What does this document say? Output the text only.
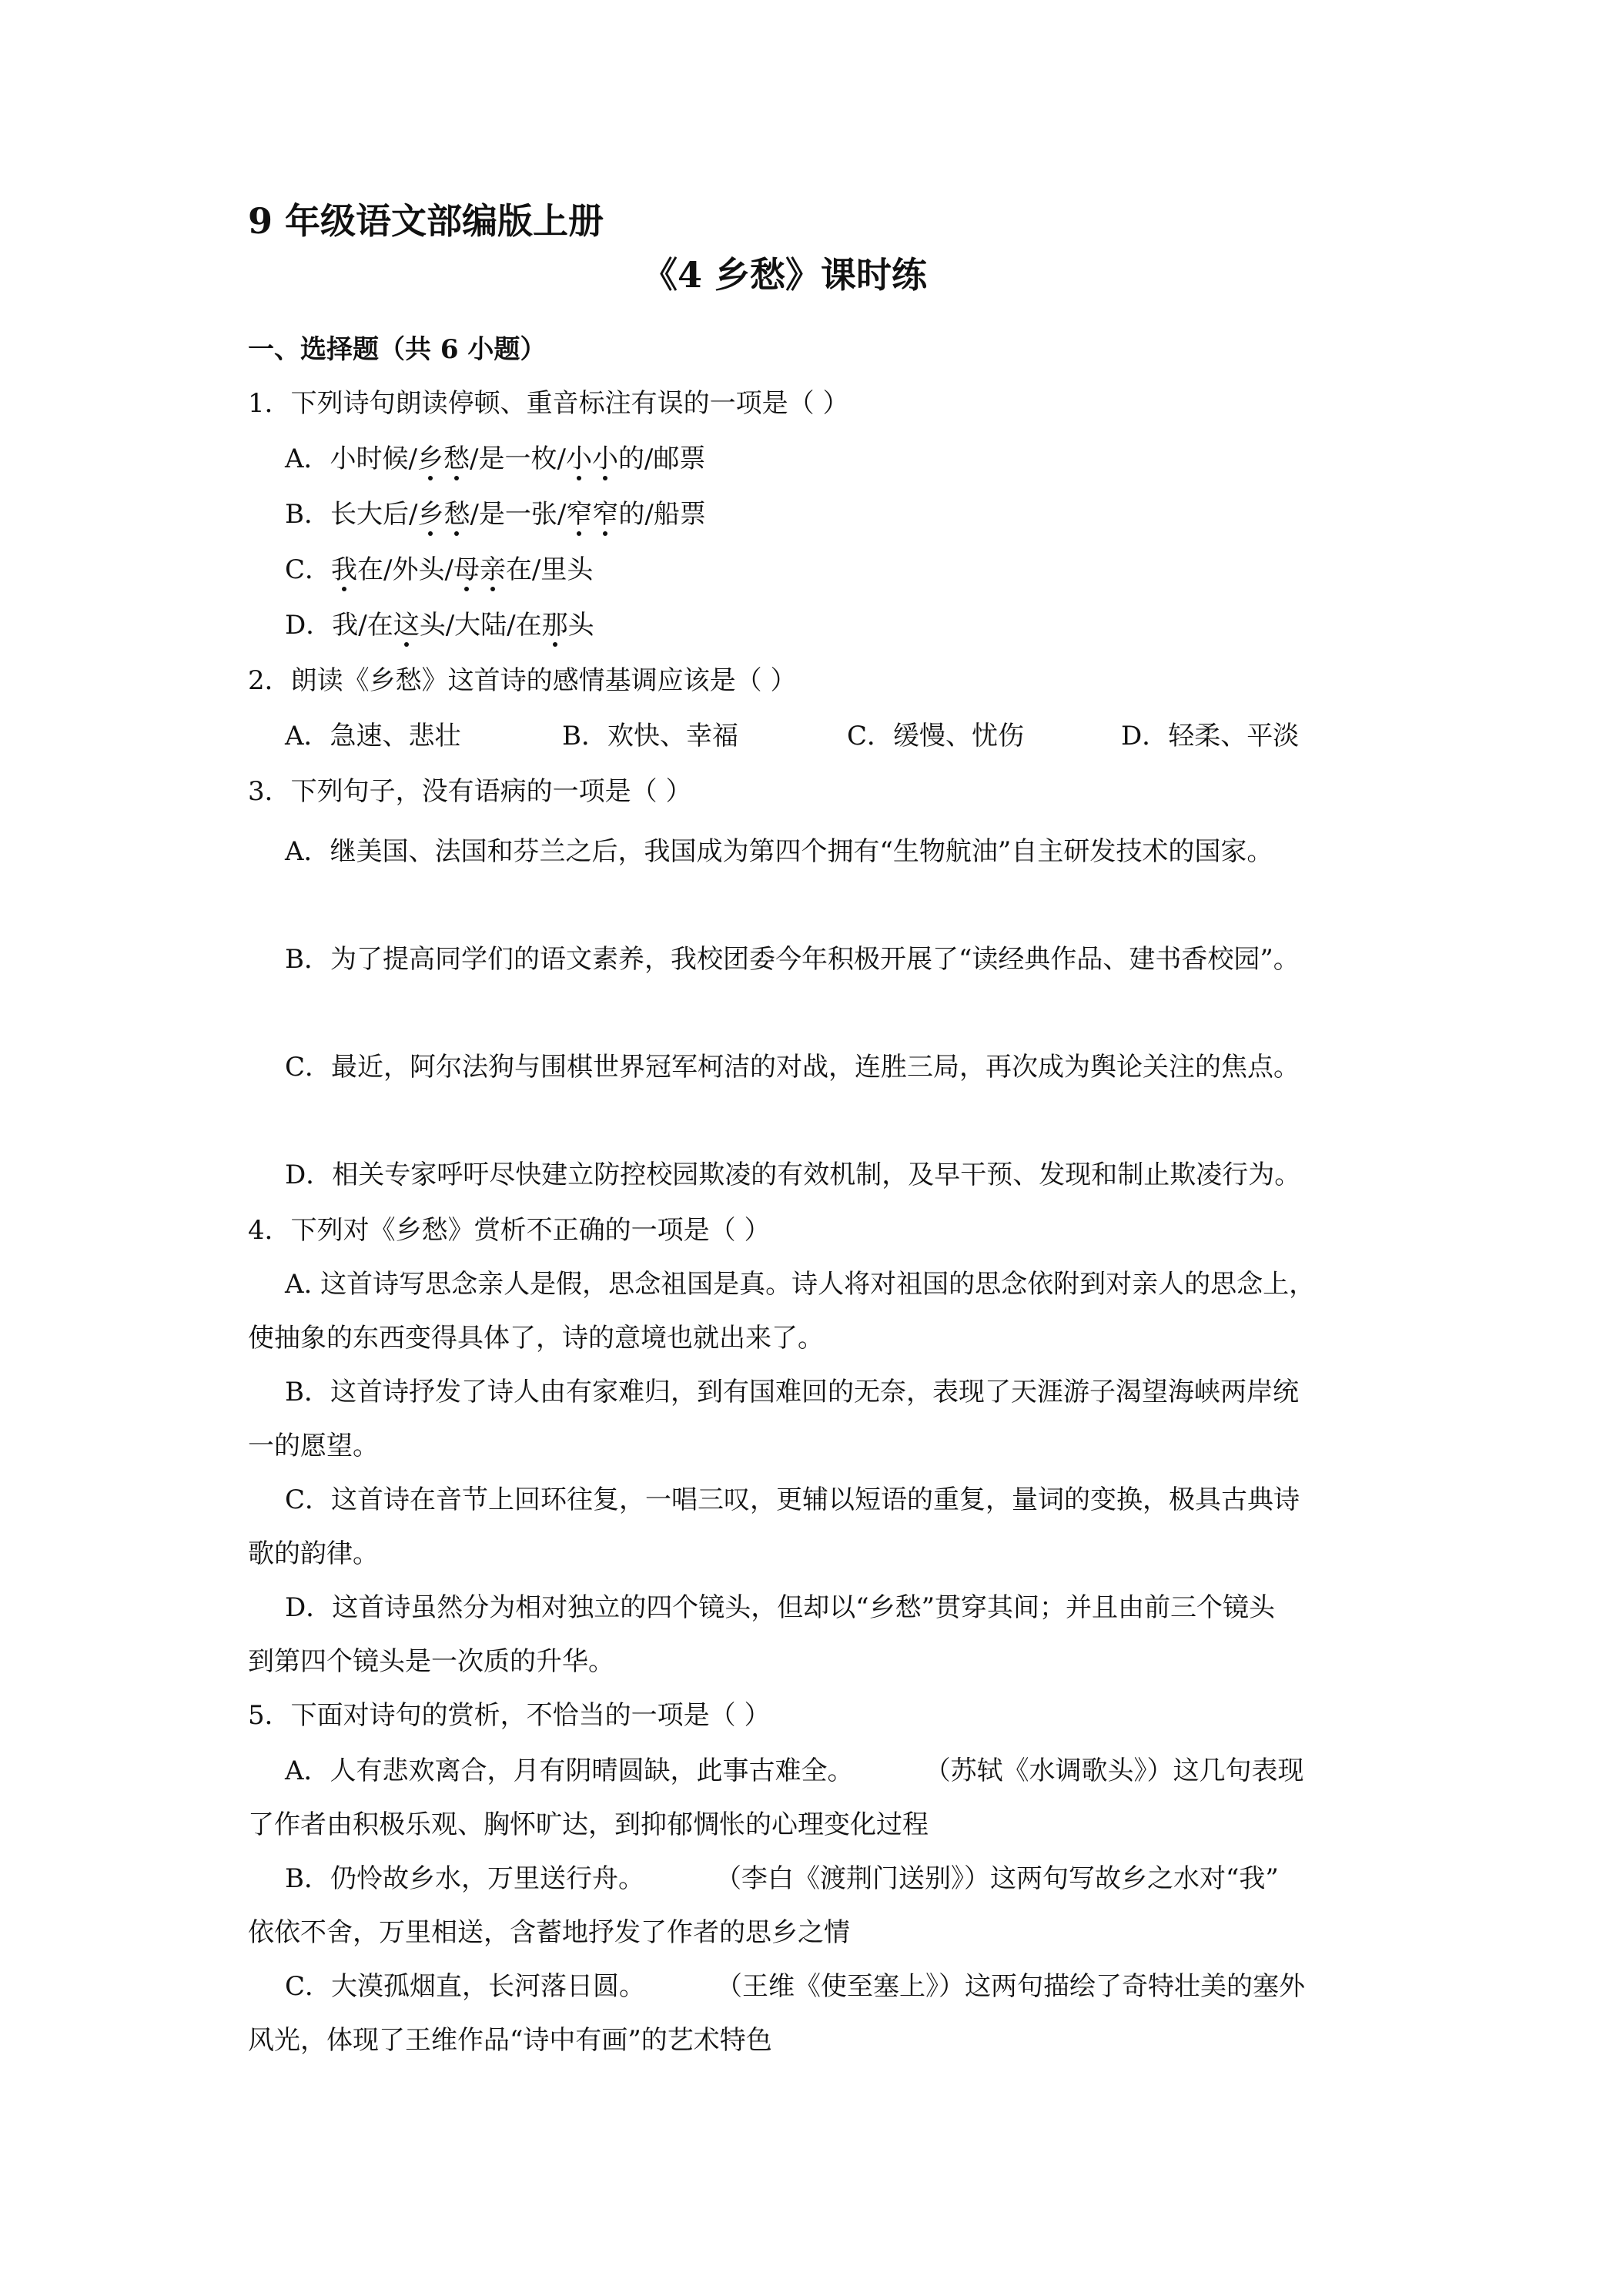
9 年级语文部编版上册
《4 乡愁》课时练
一、选择题（共 6 小题）
1．下列诗句朗读停顿、重音标注有误的一项是（ ）
A．小时候/乡愁/是一枚/小小的/邮票
B．长大后/乡愁/是一张/窄窄的/船票
C．我在/外头/母亲在/里头
D．我/在这头/大陆/在那头
2．朗读《乡愁》这首诗的感情基调应该是（ ）
A．急速、悲壮	B．欢快、幸福	C．缓慢、忧伤	D．轻柔、平淡
3．下列句子，没有语病的一项是（ ）
A．继美国、法国和芬兰之后，我国成为第四个拥有“生物航油”自主研发技术的国家。
B．为了提高同学们的语文素养，我校团委今年积极开展了“读经典作品、建书香校园”。
C．最近，阿尔法狗与围棋世界冠军柯洁的对战，连胜三局，再次成为舆论关注的焦点。
D．相关专家呼吁尽快建立防控校园欺凌的有效机制，及早干预、发现和制止欺凌行为。
4．下列对《乡愁》赏析不正确的一项是（ ）
A. 这首诗写思念亲人是假，思念祖国是真。诗人将对祖国的思念依附到对亲人的思念上，
使抽象的东西变得具体了，诗的意境也就出来了。
B．这首诗抒发了诗人由有家难归，到有国难回的无奈，表现了天涯游子渴望海峡两岸统
一的愿望。
C．这首诗在音节上回环往复，一唱三叹，更辅以短语的重复，量词的变换，极具古典诗
歌的韵律。
D．这首诗虽然分为相对独立的四个镜头，但却以“乡愁”贯穿其间；并且由前三个镜头
到第四个镜头是一次质的升华。
5．下面对诗句的赏析，不恰当的一项是（ ）
A．人有悲欢离合，月有阴晴圆缺，此事古难全。	（苏轼《水调歌头》）这几句表现
了作者由积极乐观、胸怀旷达，到抑郁惆怅的心理变化过程
B．仍怜故乡水，万里送行舟。	（李白《渡荆门送别》）这两句写故乡之水对“我”
依依不舍，万里相送，含蓄地抒发了作者的思乡之情
C．大漠孤烟直，长河落日圆。	（王维《使至塞上》）这两句描绘了奇特壮美的塞外
风光，体现了王维作品“诗中有画”的艺术特色
